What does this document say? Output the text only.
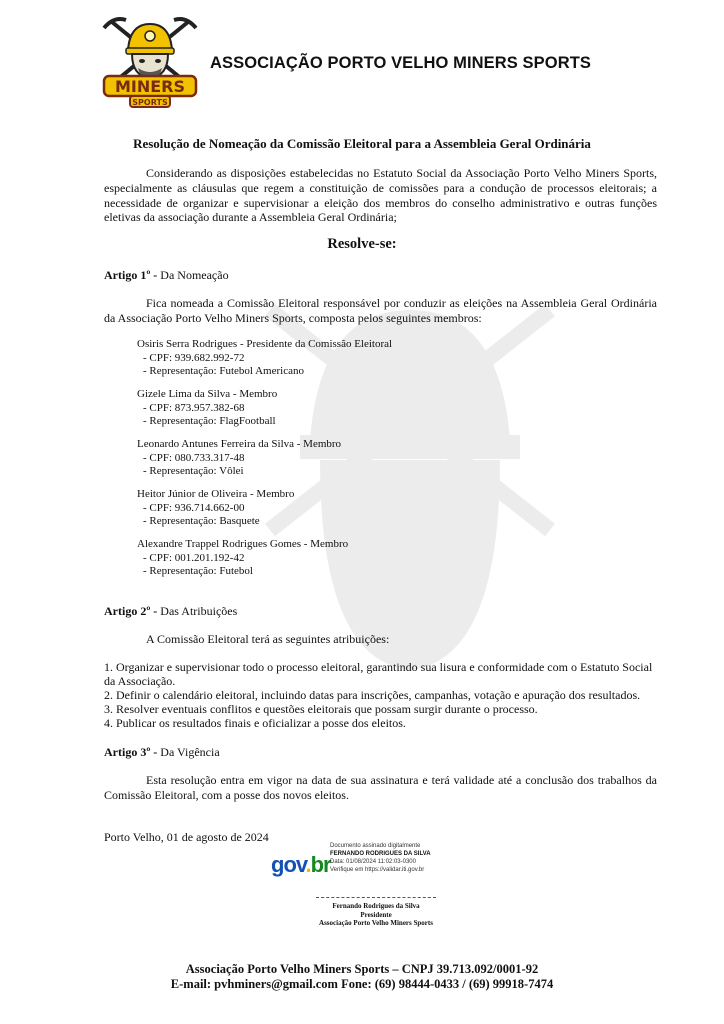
MINERS
SPORTS
ASSOCIAÇÃO PORTO VELHO MINERS SPORTS
Resolução de Nomeação da Comissão Eleitoral para a Assembleia Geral Ordinária
Considerando as disposições estabelecidas no Estatuto Social da Associação Porto Velho Miners Sports, especialmente as cláusulas que regem a constituição de comissões para a condução de processos eleitorais; a necessidade de organizar e supervisionar a eleição dos membros do conselho administrativo e outras funções eletivas da associação durante a Assembleia Geral Ordinária;
Resolve-se:
Artigo 1º - Da Nomeação
Fica nomeada a Comissão Eleitoral responsável por conduzir as eleições na Assembleia Geral Ordinária da Associação Porto Velho Miners Sports, composta pelos seguintes membros:
Osiris Serra Rodrigues - Presidente da Comissão Eleitoral
- CPF: 939.682.992-72
- Representação: Futebol Americano
Gizele Lima da Silva - Membro
- CPF: 873.957.382-68
- Representação: FlagFootball
Leonardo Antunes Ferreira da Silva - Membro
- CPF: 080.733.317-48
- Representação: Vôlei
Heitor Júnior de Oliveira - Membro
- CPF: 936.714.662-00
- Representação: Basquete
Alexandre Trappel Rodrigues Gomes - Membro
- CPF: 001.201.192-42
- Representação: Futebol
Artigo 2º - Das Atribuições
A Comissão Eleitoral terá as seguintes atribuições:
1. Organizar e supervisionar todo o processo eleitoral, garantindo sua lisura e conformidade com o Estatuto Social da Associação.
2. Definir o calendário eleitoral, incluindo datas para inscrições, campanhas, votação e apuração dos resultados.
3. Resolver eventuais conflitos e questões eleitorais que possam surgir durante o processo.
4. Publicar os resultados finais e oficializar a posse dos eleitos.
Artigo 3º - Da Vigência
Esta resolução entra em vigor na data de sua assinatura e terá validade até a conclusão dos trabalhos da Comissão Eleitoral, com a posse dos novos eleitos.
Porto Velho, 01 de agosto de 2024
gov.br
Documento assinado digitalmente
FERNANDO RODRIGUES DA SILVA
Data: 01/08/2024 11:02:03-0300
Verifique em https://validar.iti.gov.br
Fernando Rodrigues da Silva
Presidente
Associação Porto Velho Miners Sports
Associação Porto Velho Miners Sports – CNPJ 39.713.092/0001-92
E-mail: pvhminers@gmail.com Fone: (69) 98444-0433 / (69) 99918-7474
